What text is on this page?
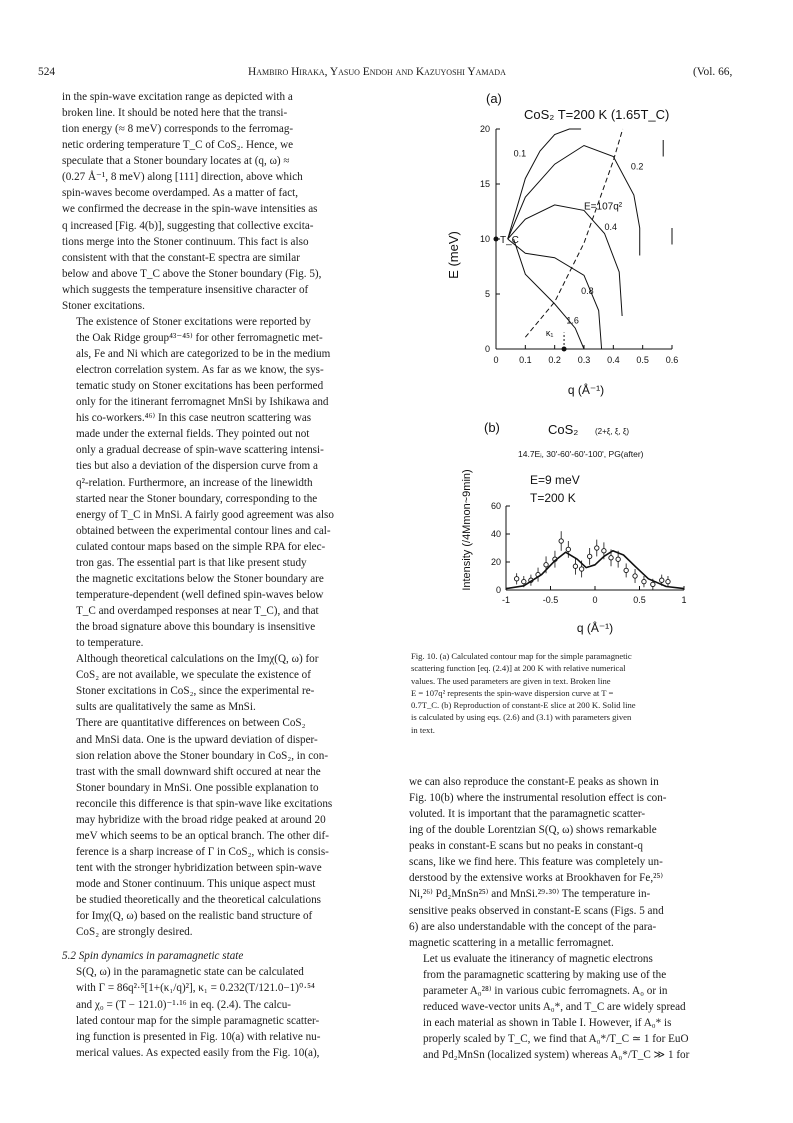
524	Hambiro Hiraka, Yasuo Endoh and Kazuyoshi Yamada	(Vol. 66,

in the spin-wave excitation range as depicted with a
broken line. It should be noted here that the transi-
tion energy (≈ 8 meV) corresponds to the ferromag-
netic ordering temperature T_C of CoS₂. Hence, we
speculate that a Stoner boundary locates at (q, ω) ≈
(0.27 Å⁻¹, 8 meV) along [111] direction, above which
spin-waves become overdamped. As a matter of fact,
we confirmed the decrease in the spin-wave intensities as
q increased [Fig. 4(b)], suggesting that collective excita-
tions merge into the Stoner continuum. This fact is also
consistent with that the constant-E spectra are similar
below and above T_C above the Stoner boundary (Fig. 5),
which suggests the temperature insensitive character of
Stoner excitations.

The existence of Stoner excitations were reported by
the Oak Ridge group⁴³⁻⁴⁵⁾ for other ferromagnetic met-
als, Fe and Ni which are categorized to be in the medium
electron correlation system. As far as we know, the sys-
tematic study on Stoner excitations has been performed
only for the itinerant ferromagnet MnSi by Ishikawa and
his co-workers.⁴⁶⁾ In this case neutron scattering was
made under the external fields. They pointed out not
only a gradual decrease of spin-wave scattering intensi-
ties but also a deviation of the dispersion curve from a
q²-relation. Furthermore, an increase of the linewidth
started near the Stoner boundary, corresponding to the
energy of T_C in MnSi. A fairly good agreement was also
obtained between the experimental contour lines and cal-
culated contour maps based on the simple RPA for elec-
tron gas. The essential part is that like present study
the magnetic excitations below the Stoner boundary are
temperature-dependent (well defined spin-waves below
T_C and overdamped responses at near T_C), and that
the broad signature above this boundary is insensitive
to temperature.

Although theoretical calculations on the Imχ(Q, ω) for
CoS₂ are not available, we speculate the existence of
Stoner excitations in CoS₂, since the experimental re-
sults are qualitatively the same as MnSi.

There are quantitative differences on between CoS₂
and MnSi data. One is the upward deviation of disper-
sion relation above the Stoner boundary in CoS₂, in con-
trast with the small downward shift occured at near the
Stoner boundary in MnSi. One possible explanation to
reconcile this difference is that spin-wave like excitations
may hybridize with the broad ridge peaked at around 20
meV which seems to be an optical branch. The other dif-
ference is a sharp increase of Γ in CoS₂, which is consis-
tent with the stronger hybridization between spin-wave
mode and Stoner continuum. This unique aspect must
be studied theoretically and the theoretical calculations
for Imχ(Q, ω) based on the realistic band structure of
CoS₂ are strongly desired.

5.2 Spin dynamics in paramagnetic state

S(Q, ω) in the paramagnetic state can be calculated
with Γ = 86q²·⁵[1+(κ₁/q)²], κ₁ = 0.232(T/121.0−1)⁰·⁵⁴
and χ₀ = (T − 121.0)⁻¹·¹⁶ in eq. (2.4). The calcu-
lated contour map for the simple paramagnetic scatter-
ing function is presented in Fig. 10(a) with relative nu-
merical values. As expected easily from the Fig. 10(a),

we can also reproduce the constant-E peaks as shown in
Fig. 10(b) where the instrumental resolution effect is con-
voluted. It is important that the paramagnetic scatter-
ing of the double Lorentzian S(Q, ω) shows remarkable
peaks in constant-E scans but no peaks in constant-q
scans, like we find here. This feature was completely un-
derstood by the extensive works at Brookhaven for Fe,²⁵⁾
Ni,²⁶⁾ Pd₂MnSn²⁵⁾ and MnSi.²⁹·³⁰⁾ The temperature in-
sensitive peaks observed in constant-E scans (Figs. 5 and
6) are also understandable with the concept of the para-
magnetic scattering in a metallic ferromagnet.

Let us evaluate the itinerancy of magnetic electrons
from the paramagnetic scattering by making use of the
parameter A₀²⁸⁾ in various cubic ferromagnets. A₀ or in
reduced wave-vector units A₀*, and T_C are widely spread
in each material as shown in Table I. However, if A₀* is
properly scaled by T_C, we find that A₀*/T_C ≃ 1 for EuO
and Pd₂MnSn (localized system) whereas A₀*/T_C ≫ 1 for

Fig. 10. (a) Calculated contour map for the simple paramagnetic
scattering function [eq. (2.4)] at 200 K with relative numerical
values. The used parameters are given in text. Broken line
E = 107q² represents the spin-wave dispersion curve at T =
0.7T_C. (b) Reproduction of constant-E slice at 200 K. Solid line
is calculated by using eqs. (2.6) and (3.1) with parameters given
in text.
(a)
CoS₂ T=200 K (1.65T_C)
E (meV)
q (Å⁻¹)
0 0.1 0.2 0.3 0.4 0.5 0.6
0
5
10
15
20
0.1
0.2
0.4
0.8
1.6
E=107q²
T_C
κ₁
(b)	CoS₂ (2+ξ, ξ, ξ)
14.7Eᵢ, 30'-60'-60'-100', PG(after)
E=9 meV
T=200 K
Intensity (/4Mmon~9min)
q (Å⁻¹)
-1	-0.5	0	0.5	1
0
20
40
60
